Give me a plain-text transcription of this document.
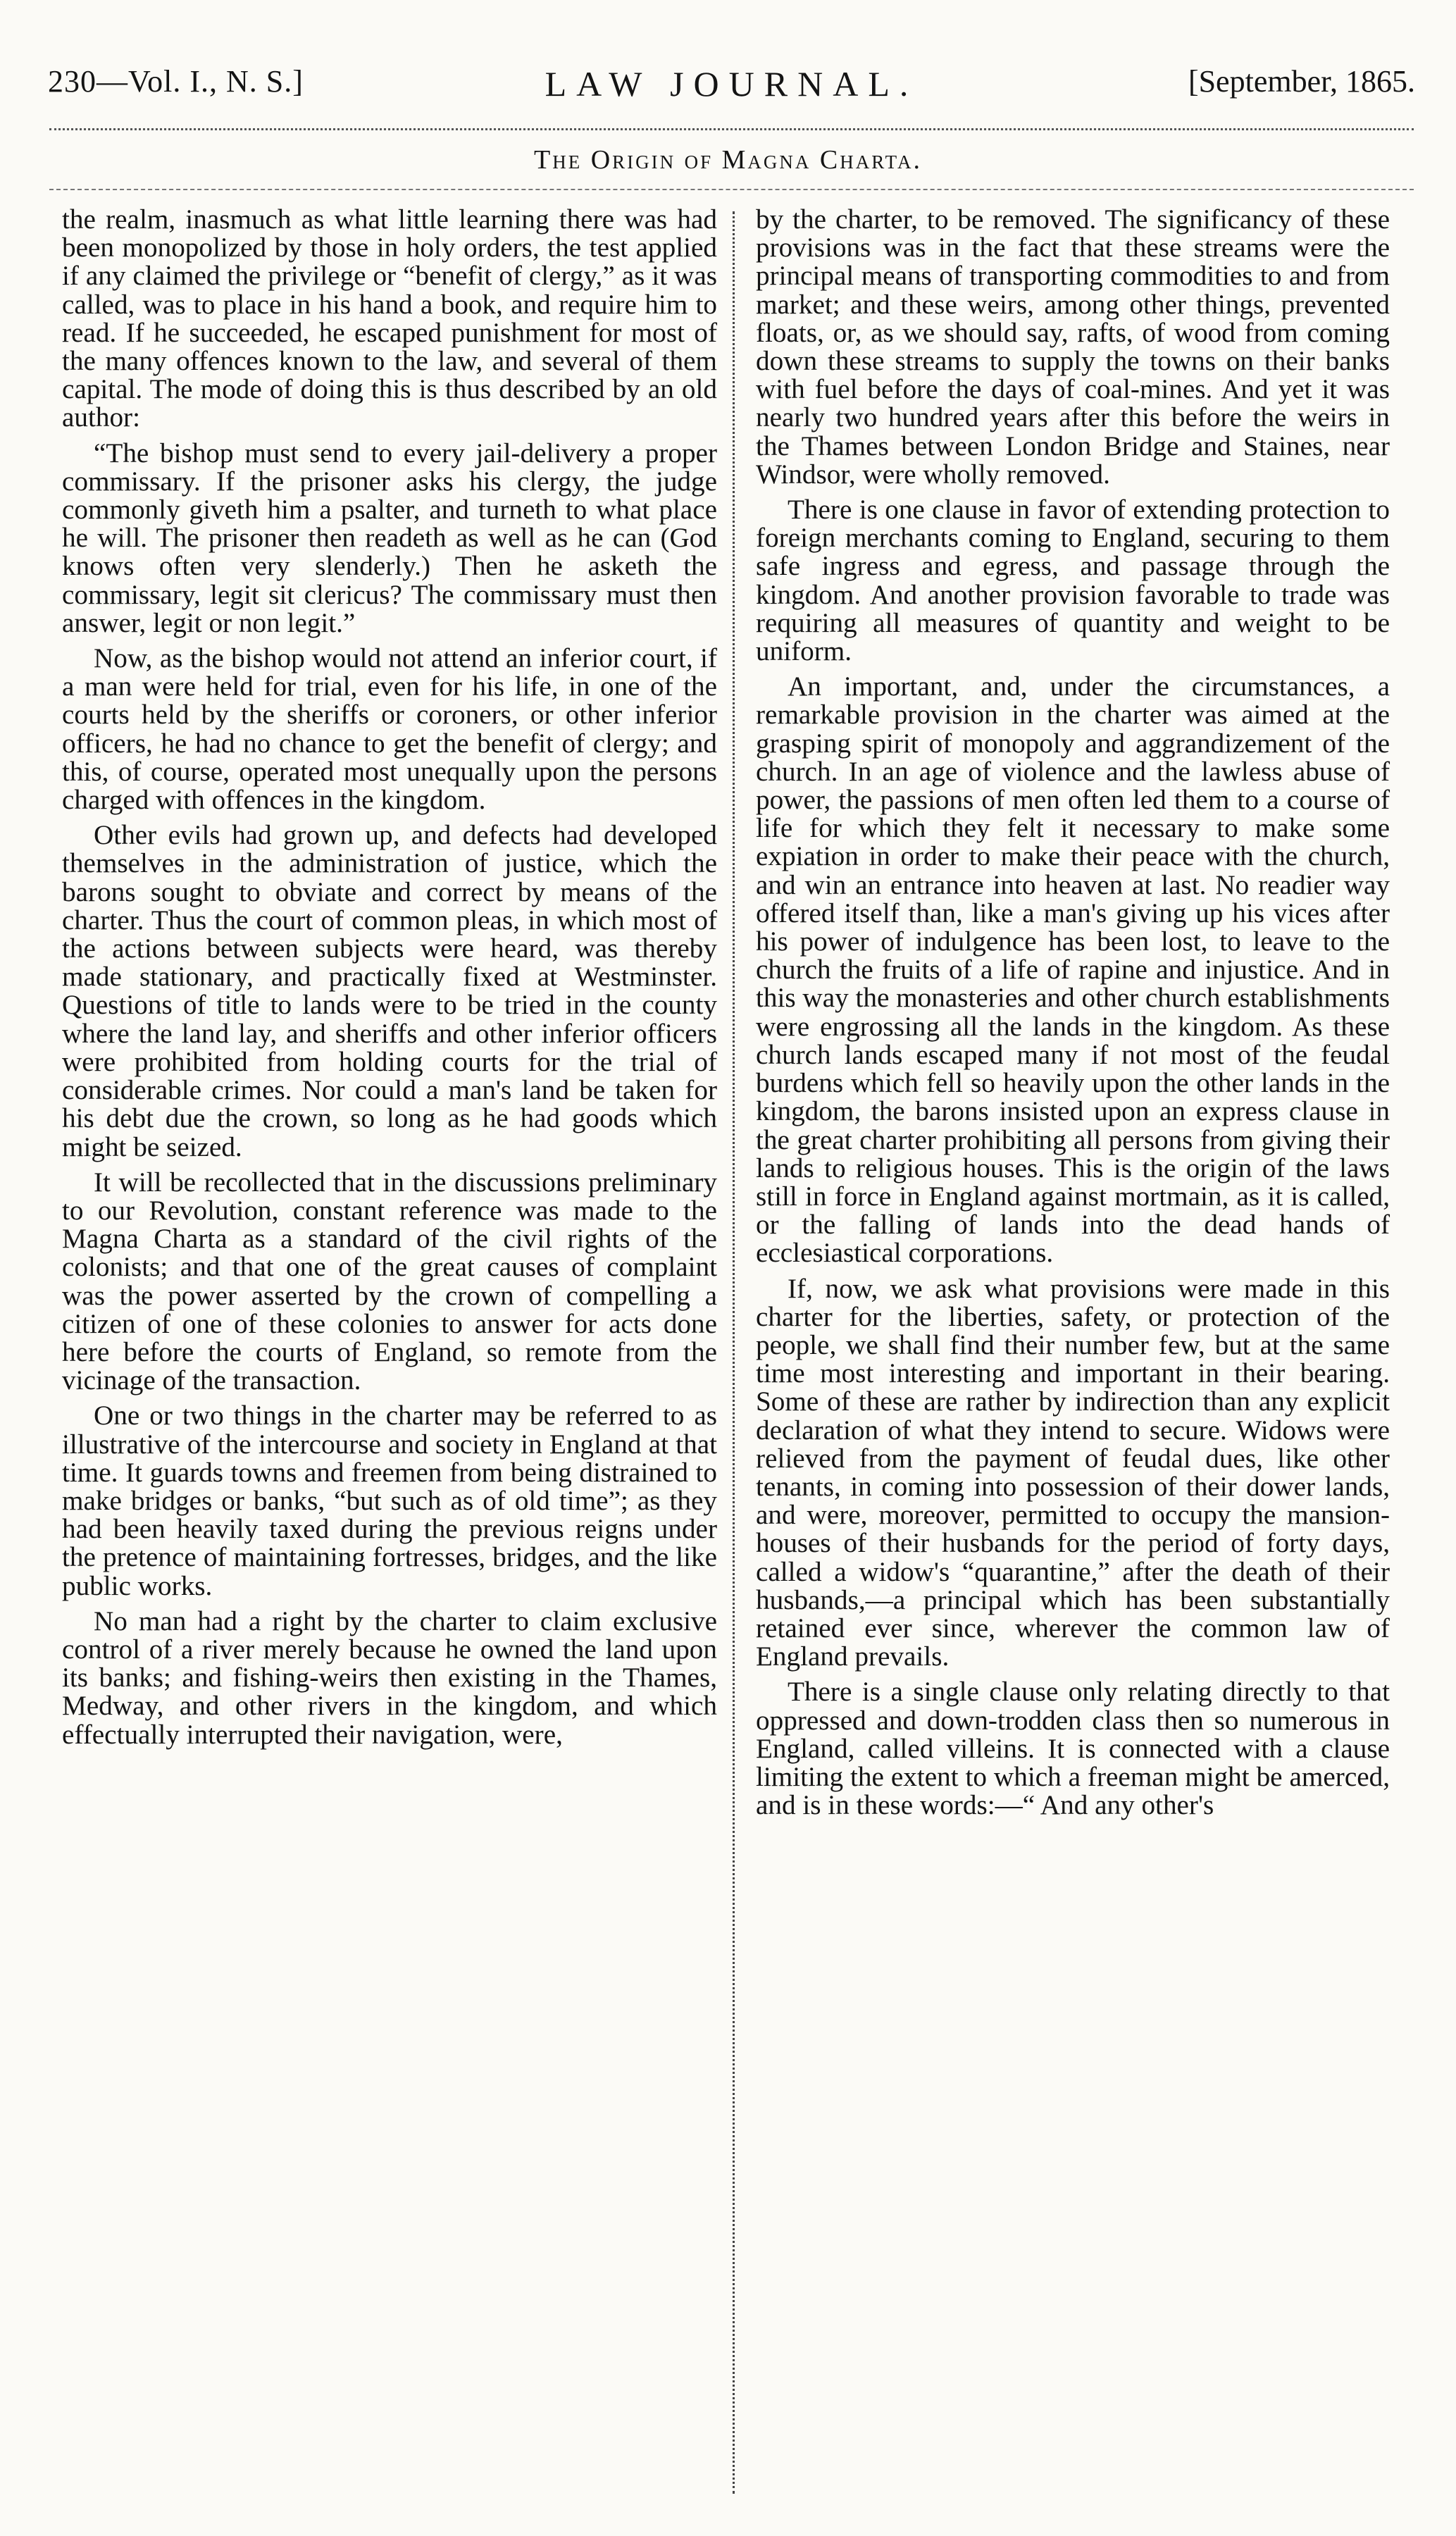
230—Vol. I., N. S.]	LAW JOURNAL.	[September, 1865.
The Origin of Magna Charta.

the realm, inasmuch as what little learning there was had been monopolized by those in holy orders, the test applied if any claimed the privilege or “benefit of clergy,” as it was called, was to place in his hand a book, and require him to read. If he succeeded, he escaped punishment for most of the many offences known to the law, and several of them capital. The mode of doing this is thus described by an old author:

“The bishop must send to every jail-delivery a proper commissary. If the prisoner asks his clergy, the judge commonly giveth him a psalter, and turneth to what place he will. The prisoner then readeth as well as he can (God knows often very slenderly.) Then he asketh the commissary, legit sit clericus? The commissary must then answer, legit or non legit.”

Now, as the bishop would not attend an inferior court, if a man were held for trial, even for his life, in one of the courts held by the sheriffs or coroners, or other inferior officers, he had no chance to get the benefit of clergy; and this, of course, operated most unequally upon the persons charged with offences in the kingdom.

Other evils had grown up, and defects had developed themselves in the administration of justice, which the barons sought to obviate and correct by means of the charter. Thus the court of common pleas, in which most of the actions between subjects were heard, was thereby made stationary, and practically fixed at Westminster. Questions of title to lands were to be tried in the county where the land lay, and sheriffs and other inferior officers were prohibited from holding courts for the trial of considerable crimes. Nor could a man's land be taken for his debt due the crown, so long as he had goods which might be seized.

It will be recollected that in the discussions preliminary to our Revolution, constant reference was made to the Magna Charta as a standard of the civil rights of the colonists; and that one of the great causes of complaint was the power asserted by the crown of compelling a citizen of one of these colonies to answer for acts done here before the courts of England, so remote from the vicinage of the transaction.

One or two things in the charter may be referred to as illustrative of the intercourse and society in England at that time. It guards towns and freemen from being distrained to make bridges or banks, “but such as of old time”; as they had been heavily taxed during the previous reigns under the pretence of maintaining fortresses, bridges, and the like public works.

No man had a right by the charter to claim exclusive control of a river merely because he owned the land upon its banks; and fishing-weirs then existing in the Thames, Medway, and other rivers in the kingdom, and which effectually interrupted their navigation, were,

by the charter, to be removed. The significancy of these provisions was in the fact that these streams were the principal means of transporting commodities to and from market; and these weirs, among other things, prevented floats, or, as we should say, rafts, of wood from coming down these streams to supply the towns on their banks with fuel before the days of coal-mines. And yet it was nearly two hundred years after this before the weirs in the Thames between London Bridge and Staines, near Windsor, were wholly removed.

There is one clause in favor of extending protection to foreign merchants coming to England, securing to them safe ingress and egress, and passage through the kingdom. And another provision favorable to trade was requiring all measures of quantity and weight to be uniform.

An important, and, under the circumstances, a remarkable provision in the charter was aimed at the grasping spirit of monopoly and aggrandizement of the church. In an age of violence and the lawless abuse of power, the passions of men often led them to a course of life for which they felt it necessary to make some expiation in order to make their peace with the church, and win an entrance into heaven at last. No readier way offered itself than, like a man's giving up his vices after his power of indulgence has been lost, to leave to the church the fruits of a life of rapine and injustice. And in this way the monasteries and other church establishments were engrossing all the lands in the kingdom. As these church lands escaped many if not most of the feudal burdens which fell so heavily upon the other lands in the kingdom, the barons insisted upon an express clause in the great charter prohibiting all persons from giving their lands to religious houses. This is the origin of the laws still in force in England against mortmain, as it is called, or the falling of lands into the dead hands of ecclesiastical corporations.

If, now, we ask what provisions were made in this charter for the liberties, safety, or protection of the people, we shall find their number few, but at the same time most interesting and important in their bearing. Some of these are rather by indirection than any explicit declaration of what they intend to secure. Widows were relieved from the payment of feudal dues, like other tenants, in coming into possession of their dower lands, and were, moreover, permitted to occupy the mansion-houses of their husbands for the period of forty days, called a widow's “quarantine,” after the death of their husbands,—a principal which has been substantially retained ever since, wherever the common law of England prevails.

There is a single clause only relating directly to that oppressed and down-trodden class then so numerous in England, called villeins. It is connected with a clause limiting the extent to which a freeman might be amerced, and is in these words:—“ And any other's
